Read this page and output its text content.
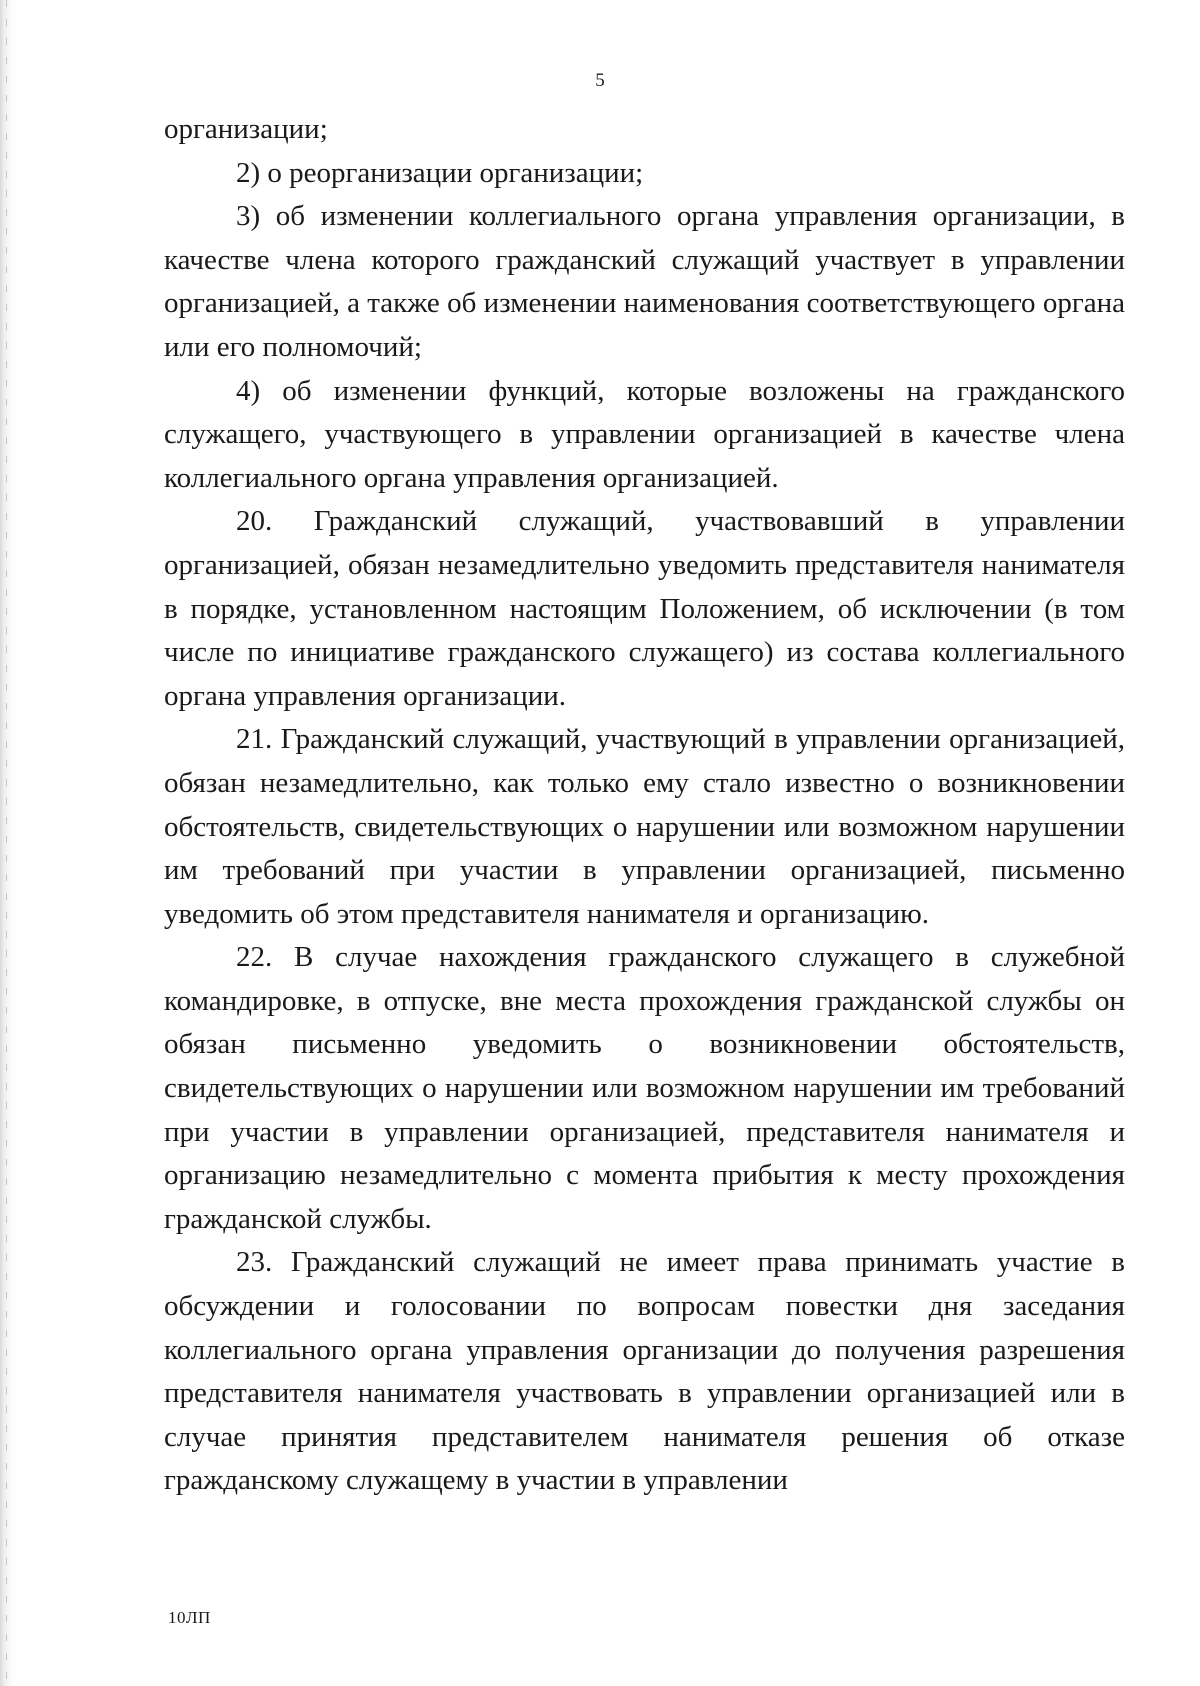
5

организации;

2) о реорганизации организации;

3) об изменении коллегиального органа управления организации, в качестве члена которого гражданский служащий участвует в управлении организацией, а также об изменении наименования соответствующего органа или его полномочий;

4) об изменении функций, которые возложены на гражданского служащего, участвующего в управлении организацией в качестве члена коллегиального органа управления организацией.

20. Гражданский служащий, участвовавший в управлении организацией, обязан незамедлительно уведомить представителя нанимателя в порядке, установленном настоящим Положением, об исключении (в том числе по инициативе гражданского служащего) из состава коллегиального органа управления организации.

21. Гражданский служащий, участвующий в управлении организацией, обязан незамедлительно, как только ему стало известно о возникновении обстоятельств, свидетельствующих о нарушении или возможном нарушении им требований при участии в управлении организацией, письменно уведомить об этом представителя нанимателя и организацию.

22. В случае нахождения гражданского служащего в служебной командировке, в отпуске, вне места прохождения гражданской службы он обязан письменно уведомить о возникновении обстоятельств, свидетельствующих о нарушении или возможном нарушении им требований при участии в управлении организацией, представителя нанимателя и организацию незамедлительно с момента прибытия к месту прохождения гражданской службы.

23. Гражданский служащий не имеет права принимать участие в обсуждении и голосовании по вопросам повестки дня заседания коллегиального органа управления организации до получения разрешения представителя нанимателя участвовать в управлении организацией или в случае принятия представителем нанимателя решения об отказе гражданскому служащему в участии в управлении

10ЛП
